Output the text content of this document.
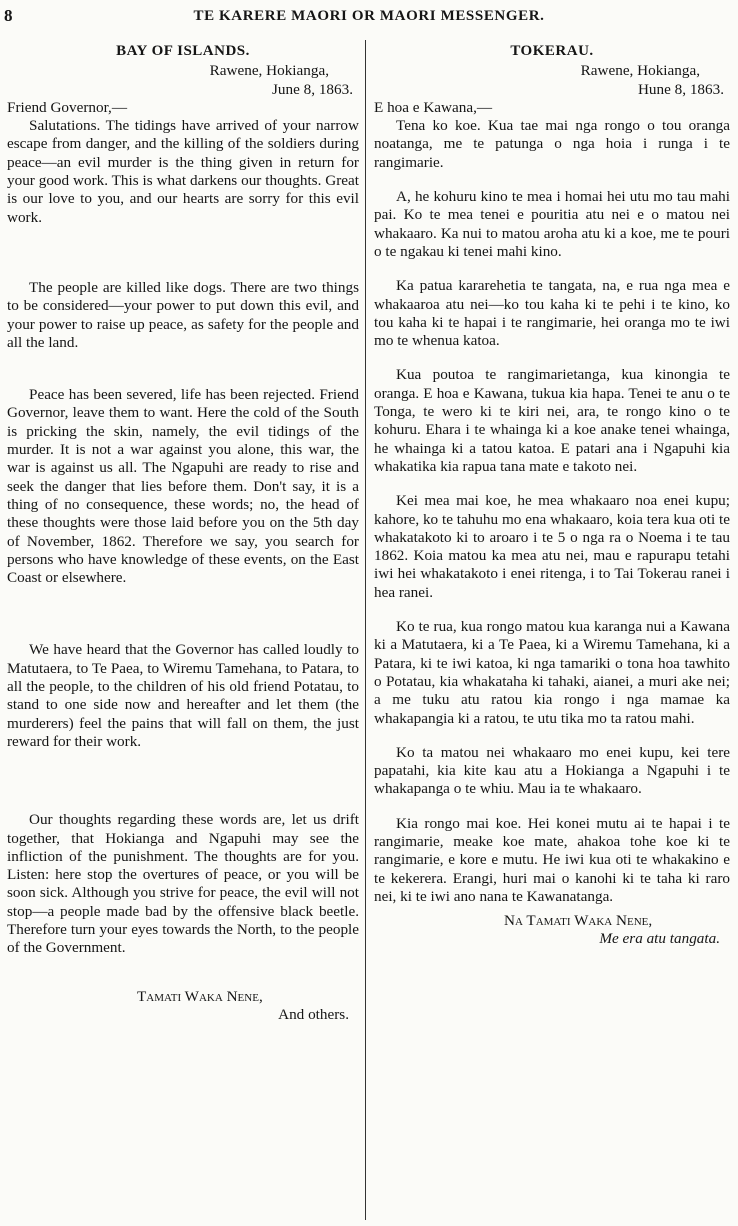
8	TE KARERE MAORI OR MAORI MESSENGER.

BAY OF ISLANDS.

Rawene, Hokianga,

June 8, 1863.

Friend Governor,—

Salutations. The tidings have arrived of your narrow escape from danger, and the killing of the soldiers during peace—an evil murder is the thing given in return for your good work. This is what darkens our thoughts. Great is our love to you, and our hearts are sorry for this evil work.

The people are killed like dogs. There are two things to be considered—your power to put down this evil, and your power to raise up peace, as safety for the people and all the land.

Peace has been severed, life has been rejected. Friend Governor, leave them to want. Here the cold of the South is pricking the skin, namely, the evil tidings of the murder. It is not a war against you alone, this war, the war is against us all. The Ngapuhi are ready to rise and seek the danger that lies before them. Don't say, it is a thing of no consequence, these words; no, the head of these thoughts were those laid before you on the 5th day of November, 1862. Therefore we say, you search for persons who have knowledge of these events, on the East Coast or elsewhere.

We have heard that the Governor has called loudly to Matutaera, to Te Paea, to Wiremu Tamehana, to Patara, to all the people, to the children of his old friend Potatau, to stand to one side now and hereafter and let them (the murderers) feel the pains that will fall on them, the just reward for their work.

Our thoughts regarding these words are, let us drift together, that Hokianga and Ngapuhi may see the infliction of the punishment. The thoughts are for you. Listen: here stop the overtures of peace, or you will be soon sick. Although you strive for peace, the evil will not stop—a people made bad by the offensive black beetle. Therefore turn your eyes towards the North, to the people of the Government.

Tamati Waka Nene,

And others.

TOKERAU.

Rawene, Hokianga,

Hune 8, 1863.

E hoa e Kawana,—

Tena ko koe. Kua tae mai nga rongo o tou oranga noatanga, me te patunga o nga hoia i runga i te rangimarie.

A, he kohuru kino te mea i homai hei utu mo tau mahi pai. Ko te mea tenei e pouritia atu nei e o matou nei whakaaro. Ka nui to matou aroha atu ki a koe, me te pouri o te ngakau ki tenei mahi kino.

Ka patua kararehetia te tangata, na, e rua nga mea e whakaaroa atu nei—ko tou kaha ki te pehi i te kino, ko tou kaha ki te hapai i te rangimarie, hei oranga mo te iwi mo te whenua katoa.

Kua poutoa te rangimarietanga, kua kinongia te oranga. E hoa e Kawana, tukua kia hapa. Tenei te anu o te Tonga, te wero ki te kiri nei, ara, te rongo kino o te kohuru. Ehara i te whainga ki a koe anake tenei whainga, he whainga ki a tatou katoa. E patari ana i Ngapuhi kia whakatika kia rapua tana mate e takoto nei.

Kei mea mai koe, he mea whakaaro noa enei kupu; kahore, ko te tahuhu mo ena whakaaro, koia tera kua oti te whakatakoto ki to aroaro i te 5 o nga ra o Noema i te tau 1862. Koia matou ka mea atu nei, mau e rapurapu tetahi iwi hei whakatakoto i enei ritenga, i to Tai Tokerau ranei i hea ranei.

Ko te rua, kua rongo matou kua karanga nui a Kawana ki a Matutaera, ki a Te Paea, ki a Wiremu Tamehana, ki a Patara, ki te iwi katoa, ki nga tamariki o tona hoa tawhito o Potatau, kia whakataha ki tahaki, aianei, a muri ake nei; a me tuku atu ratou kia rongo i nga mamae ka whakapangia ki a ratou, te utu tika mo ta ratou mahi.

Ko ta matou nei whakaaro mo enei kupu, kei tere papatahi, kia kite kau atu a Hokianga a Ngapuhi i te whakapanga o te whiu. Mau ia te whakaaro.

Kia rongo mai koe. Hei konei mutu ai te hapai i te rangimarie, meake koe mate, ahakoa tohe koe ki te rangimarie, e kore e mutu. He iwi kua oti te whakakino e te kekerera. Erangi, huri mai o kanohi ki te taha ki raro nei, ki te iwi ano nana te Kawanatanga.

Na Tamati Waka Nene,

Me era atu tangata.
